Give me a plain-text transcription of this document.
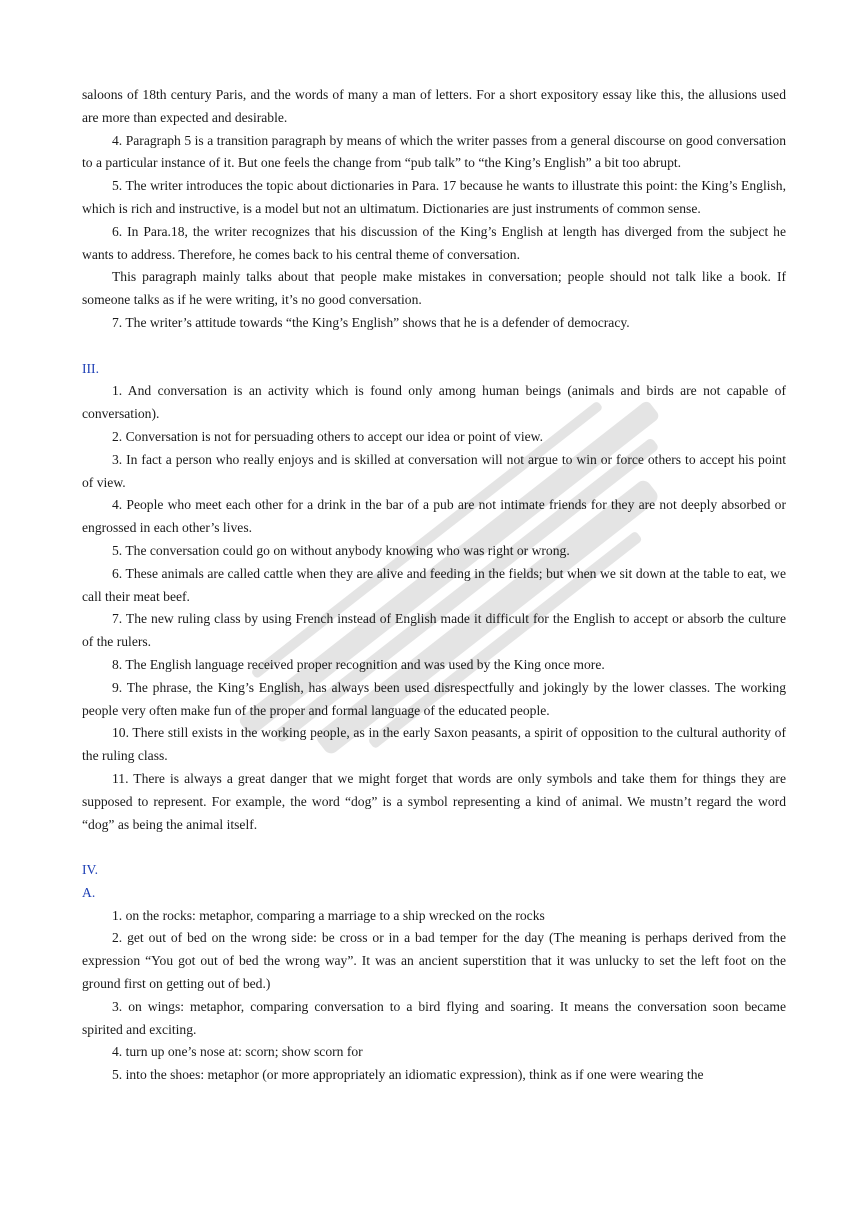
saloons of 18th century Paris, and the words of many a man of letters. For a short expository essay like this, the allusions used are more than expected and desirable.

4. Paragraph 5 is a transition paragraph by means of which the writer passes from a general discourse on good conversation to a particular instance of it. But one feels the change from “pub talk” to “the King’s English” a bit too abrupt.

5. The writer introduces the topic about dictionaries in Para. 17 because he wants to illustrate this point: the King’s English, which is rich and instructive, is a model but not an ultimatum. Dictionaries are just instruments of common sense.

6. In Para.18, the writer recognizes that his discussion of the King’s English at length has diverged from the subject he wants to address. Therefore, he comes back to his central theme of conversation.

This paragraph mainly talks about that people make mistakes in conversation; people should not talk like a book. If someone talks as if he were writing, it’s no good conversation.

7. The writer’s attitude towards “the King’s English” shows that he is a defender of democracy.

III.

1. And conversation is an activity which is found only among human beings (animals and birds are not capable of conversation).

2. Conversation is not for persuading others to accept our idea or point of view.

3. In fact a person who really enjoys and is skilled at conversation will not argue to win or force others to accept his point of view.

4. People who meet each other for a drink in the bar of a pub are not intimate friends for they are not deeply absorbed or engrossed in each other’s lives.

5. The conversation could go on without anybody knowing who was right or wrong.

6. These animals are called cattle when they are alive and feeding in the fields; but when we sit down at the table to eat, we call their meat beef.

7. The new ruling class by using French instead of English made it difficult for the English to accept or absorb the culture of the rulers.

8. The English language received proper recognition and was used by the King once more.

9. The phrase, the King’s English, has always been used disrespectfully and jokingly by the lower classes. The working people very often make fun of the proper and formal language of the educated people.

10. There still exists in the working people, as in the early Saxon peasants, a spirit of opposition to the cultural authority of the ruling class.

11. There is always a great danger that we might forget that words are only symbols and take them for things they are supposed to represent. For example, the word “dog” is a symbol representing a kind of animal. We mustn’t regard the word “dog” as being the animal itself.

IV.

A.

1. on the rocks: metaphor, comparing a marriage to a ship wrecked on the rocks

2. get out of bed on the wrong side: be cross or in a bad temper for the day (The meaning is perhaps derived from the expression “You got out of bed the wrong way”. It was an ancient superstition that it was unlucky to set the left foot on the ground first on getting out of bed.)

3. on wings: metaphor, comparing conversation to a bird flying and soaring. It means the conversation soon became spirited and exciting.

4. turn up one’s nose at: scorn; show scorn for

5. into the shoes: metaphor (or more appropriately an idiomatic expression), think as if one were wearing the
